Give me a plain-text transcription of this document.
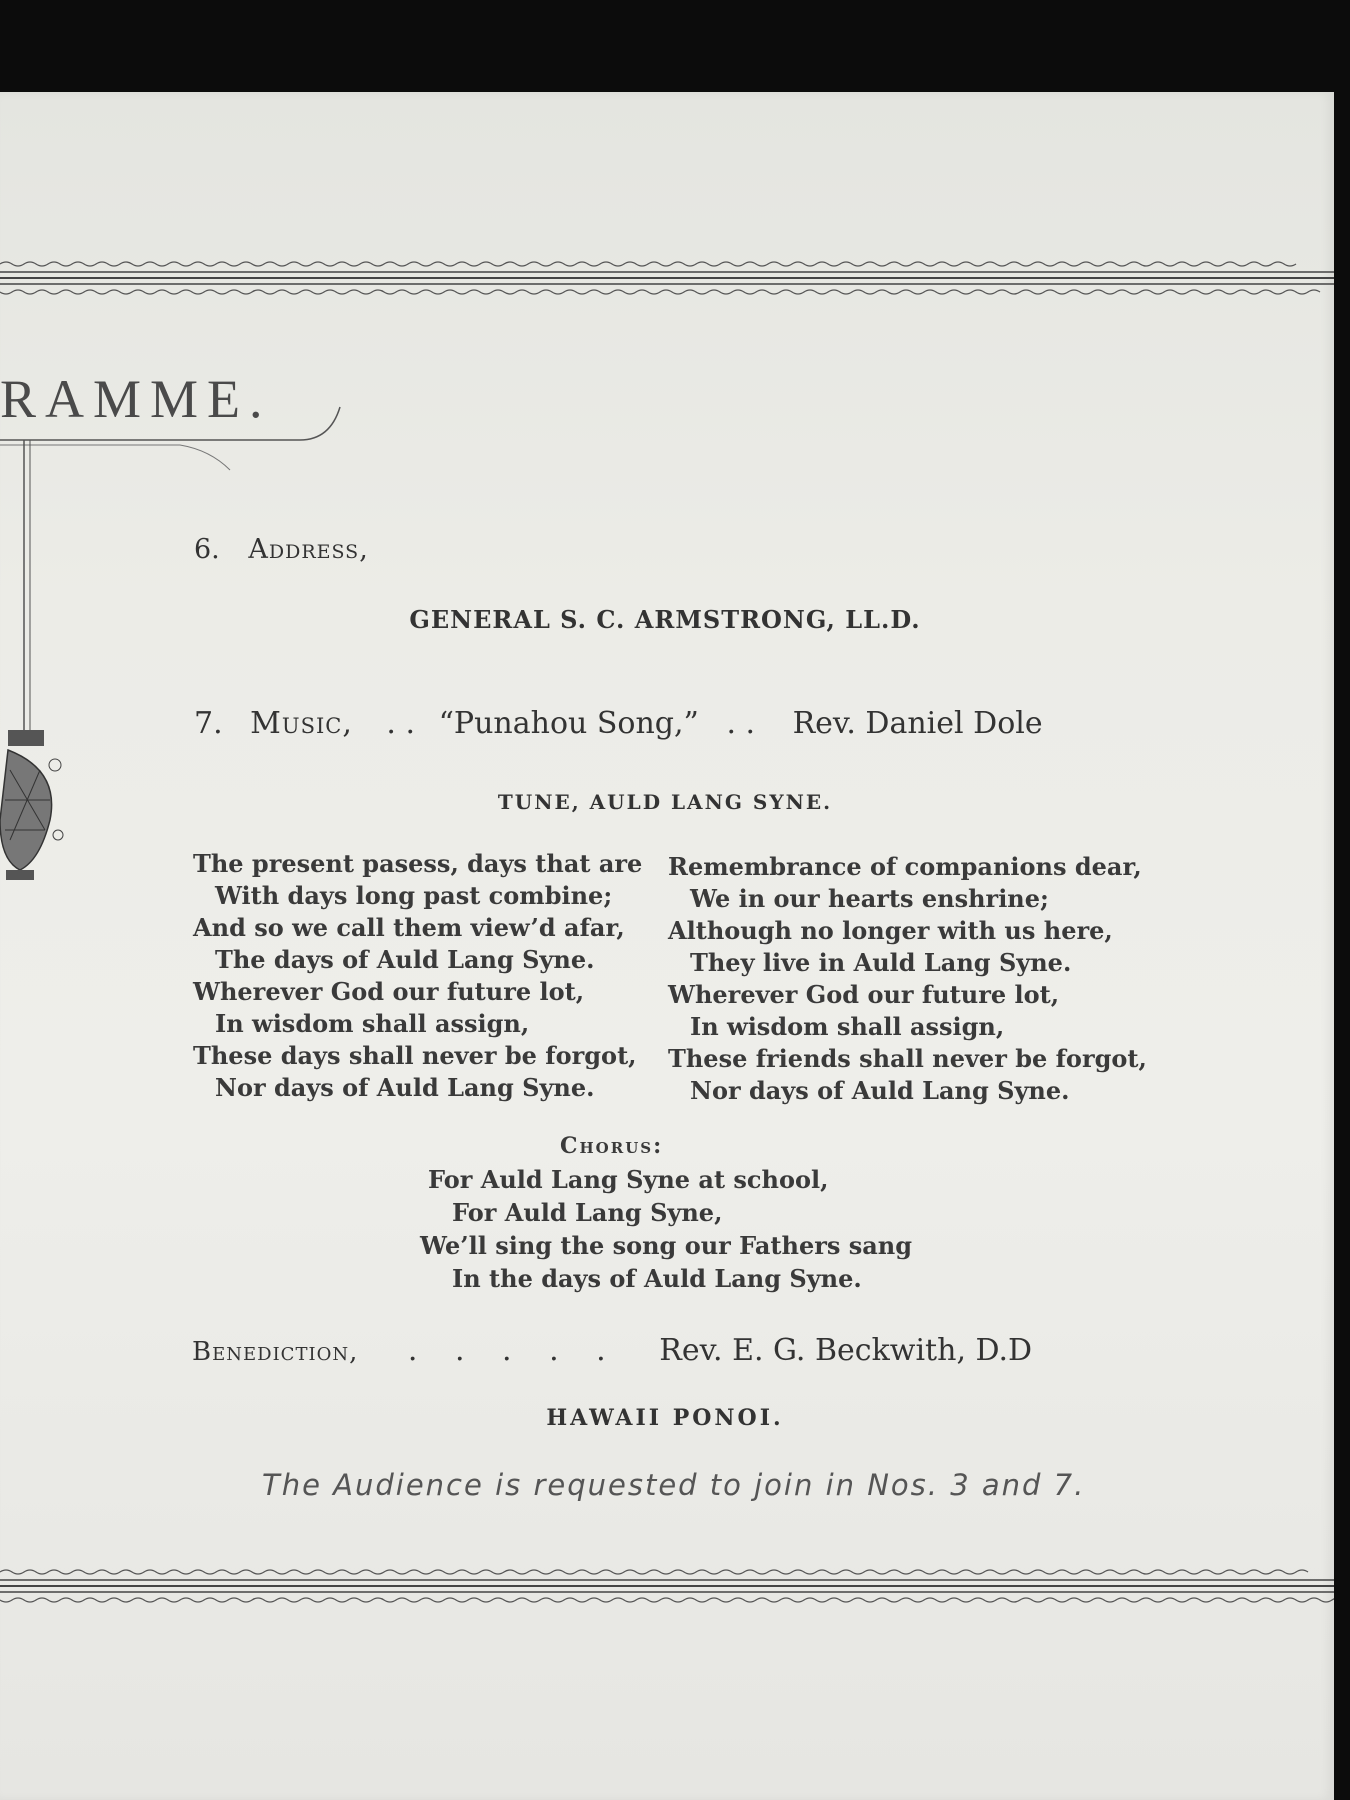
RAMME.
6. Address,
GENERAL S. C. ARMSTRONG, LL.D.
7. Music, . . “Punahou Song,” . . Rev. Daniel Dole
TUNE, AULD LANG SYNE.
The present pasess, days that are
With days long past combine;
And so we call them view’d afar,
The days of Auld Lang Syne.
Wherever God our future lot,
In wisdom shall assign,
These days shall never be forgot,
Nor days of Auld Lang Syne.
Remembrance of companions dear,
We in our hearts enshrine;
Although no longer with us here,
They live in Auld Lang Syne.
Wherever God our future lot,
In wisdom shall assign,
These friends shall never be forgot,
Nor days of Auld Lang Syne.
Chorus:
For Auld Lang Syne at school,
For Auld Lang Syne,
We’ll sing the song our Fathers sang
In the days of Auld Lang Syne.
Benediction, . . . . . Rev. E. G. Beckwith, D.D
HAWAII PONOI.
The Audience is requested to join in Nos. 3 and 7.
